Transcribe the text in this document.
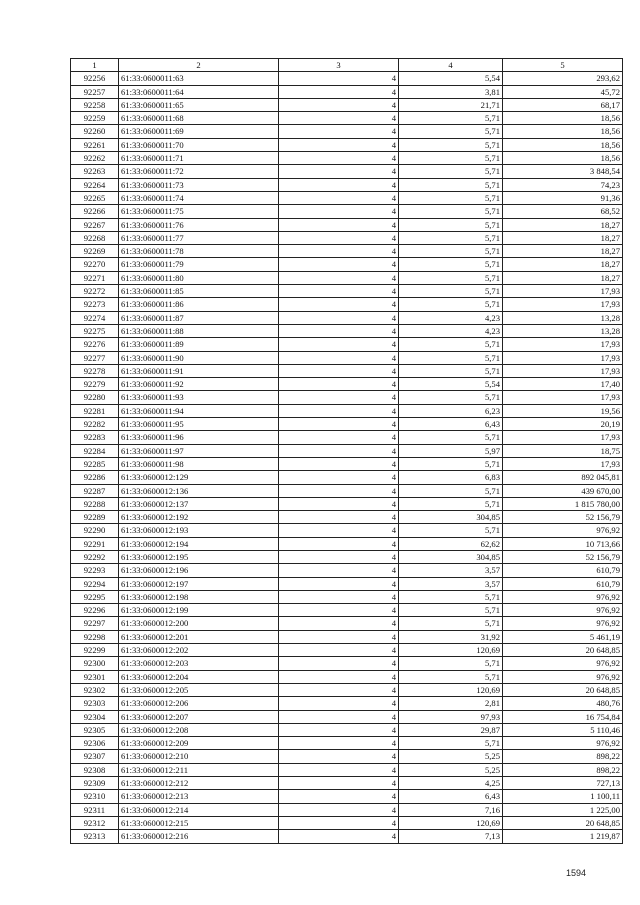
1	2	3	4	5
92256	61:33:0600011:63	4	5,54	293,62
92257	61:33:0600011:64	4	3,81	45,72
92258	61:33:0600011:65	4	21,71	68,17
92259	61:33:0600011:68	4	5,71	18,56
92260	61:33:0600011:69	4	5,71	18,56
92261	61:33:0600011:70	4	5,71	18,56
92262	61:33:0600011:71	4	5,71	18,56
92263	61:33:0600011:72	4	5,71	3 848,54
92264	61:33:0600011:73	4	5,71	74,23
92265	61:33:0600011:74	4	5,71	91,36
92266	61:33:0600011:75	4	5,71	68,52
92267	61:33:0600011:76	4	5,71	18,27
92268	61:33:0600011:77	4	5,71	18,27
92269	61:33:0600011:78	4	5,71	18,27
92270	61:33:0600011:79	4	5,71	18,27
92271	61:33:0600011:80	4	5,71	18,27
92272	61:33:0600011:85	4	5,71	17,93
92273	61:33:0600011:86	4	5,71	17,93
92274	61:33:0600011:87	4	4,23	13,28
92275	61:33:0600011:88	4	4,23	13,28
92276	61:33:0600011:89	4	5,71	17,93
92277	61:33:0600011:90	4	5,71	17,93
92278	61:33:0600011:91	4	5,71	17,93
92279	61:33:0600011:92	4	5,54	17,40
92280	61:33:0600011:93	4	5,71	17,93
92281	61:33:0600011:94	4	6,23	19,56
92282	61:33:0600011:95	4	6,43	20,19
92283	61:33:0600011:96	4	5,71	17,93
92284	61:33:0600011:97	4	5,97	18,75
92285	61:33:0600011:98	4	5,71	17,93
92286	61:33:0600012:129	4	6,83	892 045,81
92287	61:33:0600012:136	4	5,71	439 670,00
92288	61:33:0600012:137	4	5,71	1 815 780,00
92289	61:33:0600012:192	4	304,85	52 156,79
92290	61:33:0600012:193	4	5,71	976,92
92291	61:33:0600012:194	4	62,62	10 713,66
92292	61:33:0600012:195	4	304,85	52 156,79
92293	61:33:0600012:196	4	3,57	610,79
92294	61:33:0600012:197	4	3,57	610,79
92295	61:33:0600012:198	4	5,71	976,92
92296	61:33:0600012:199	4	5,71	976,92
92297	61:33:0600012:200	4	5,71	976,92
92298	61:33:0600012:201	4	31,92	5 461,19
92299	61:33:0600012:202	4	120,69	20 648,85
92300	61:33:0600012:203	4	5,71	976,92
92301	61:33:0600012:204	4	5,71	976,92
92302	61:33:0600012:205	4	120,69	20 648,85
92303	61:33:0600012:206	4	2,81	480,76
92304	61:33:0600012:207	4	97,93	16 754,84
92305	61:33:0600012:208	4	29,87	5 110,46
92306	61:33:0600012:209	4	5,71	976,92
92307	61:33:0600012:210	4	5,25	898,22
92308	61:33:0600012:211	4	5,25	898,22
92309	61:33:0600012:212	4	4,25	727,13
92310	61:33:0600012:213	4	6,43	1 100,11
92311	61:33:0600012:214	4	7,16	1 225,00
92312	61:33:0600012:215	4	120,69	20 648,85
92313	61:33:0600012:216	4	7,13	1 219,87
1594
